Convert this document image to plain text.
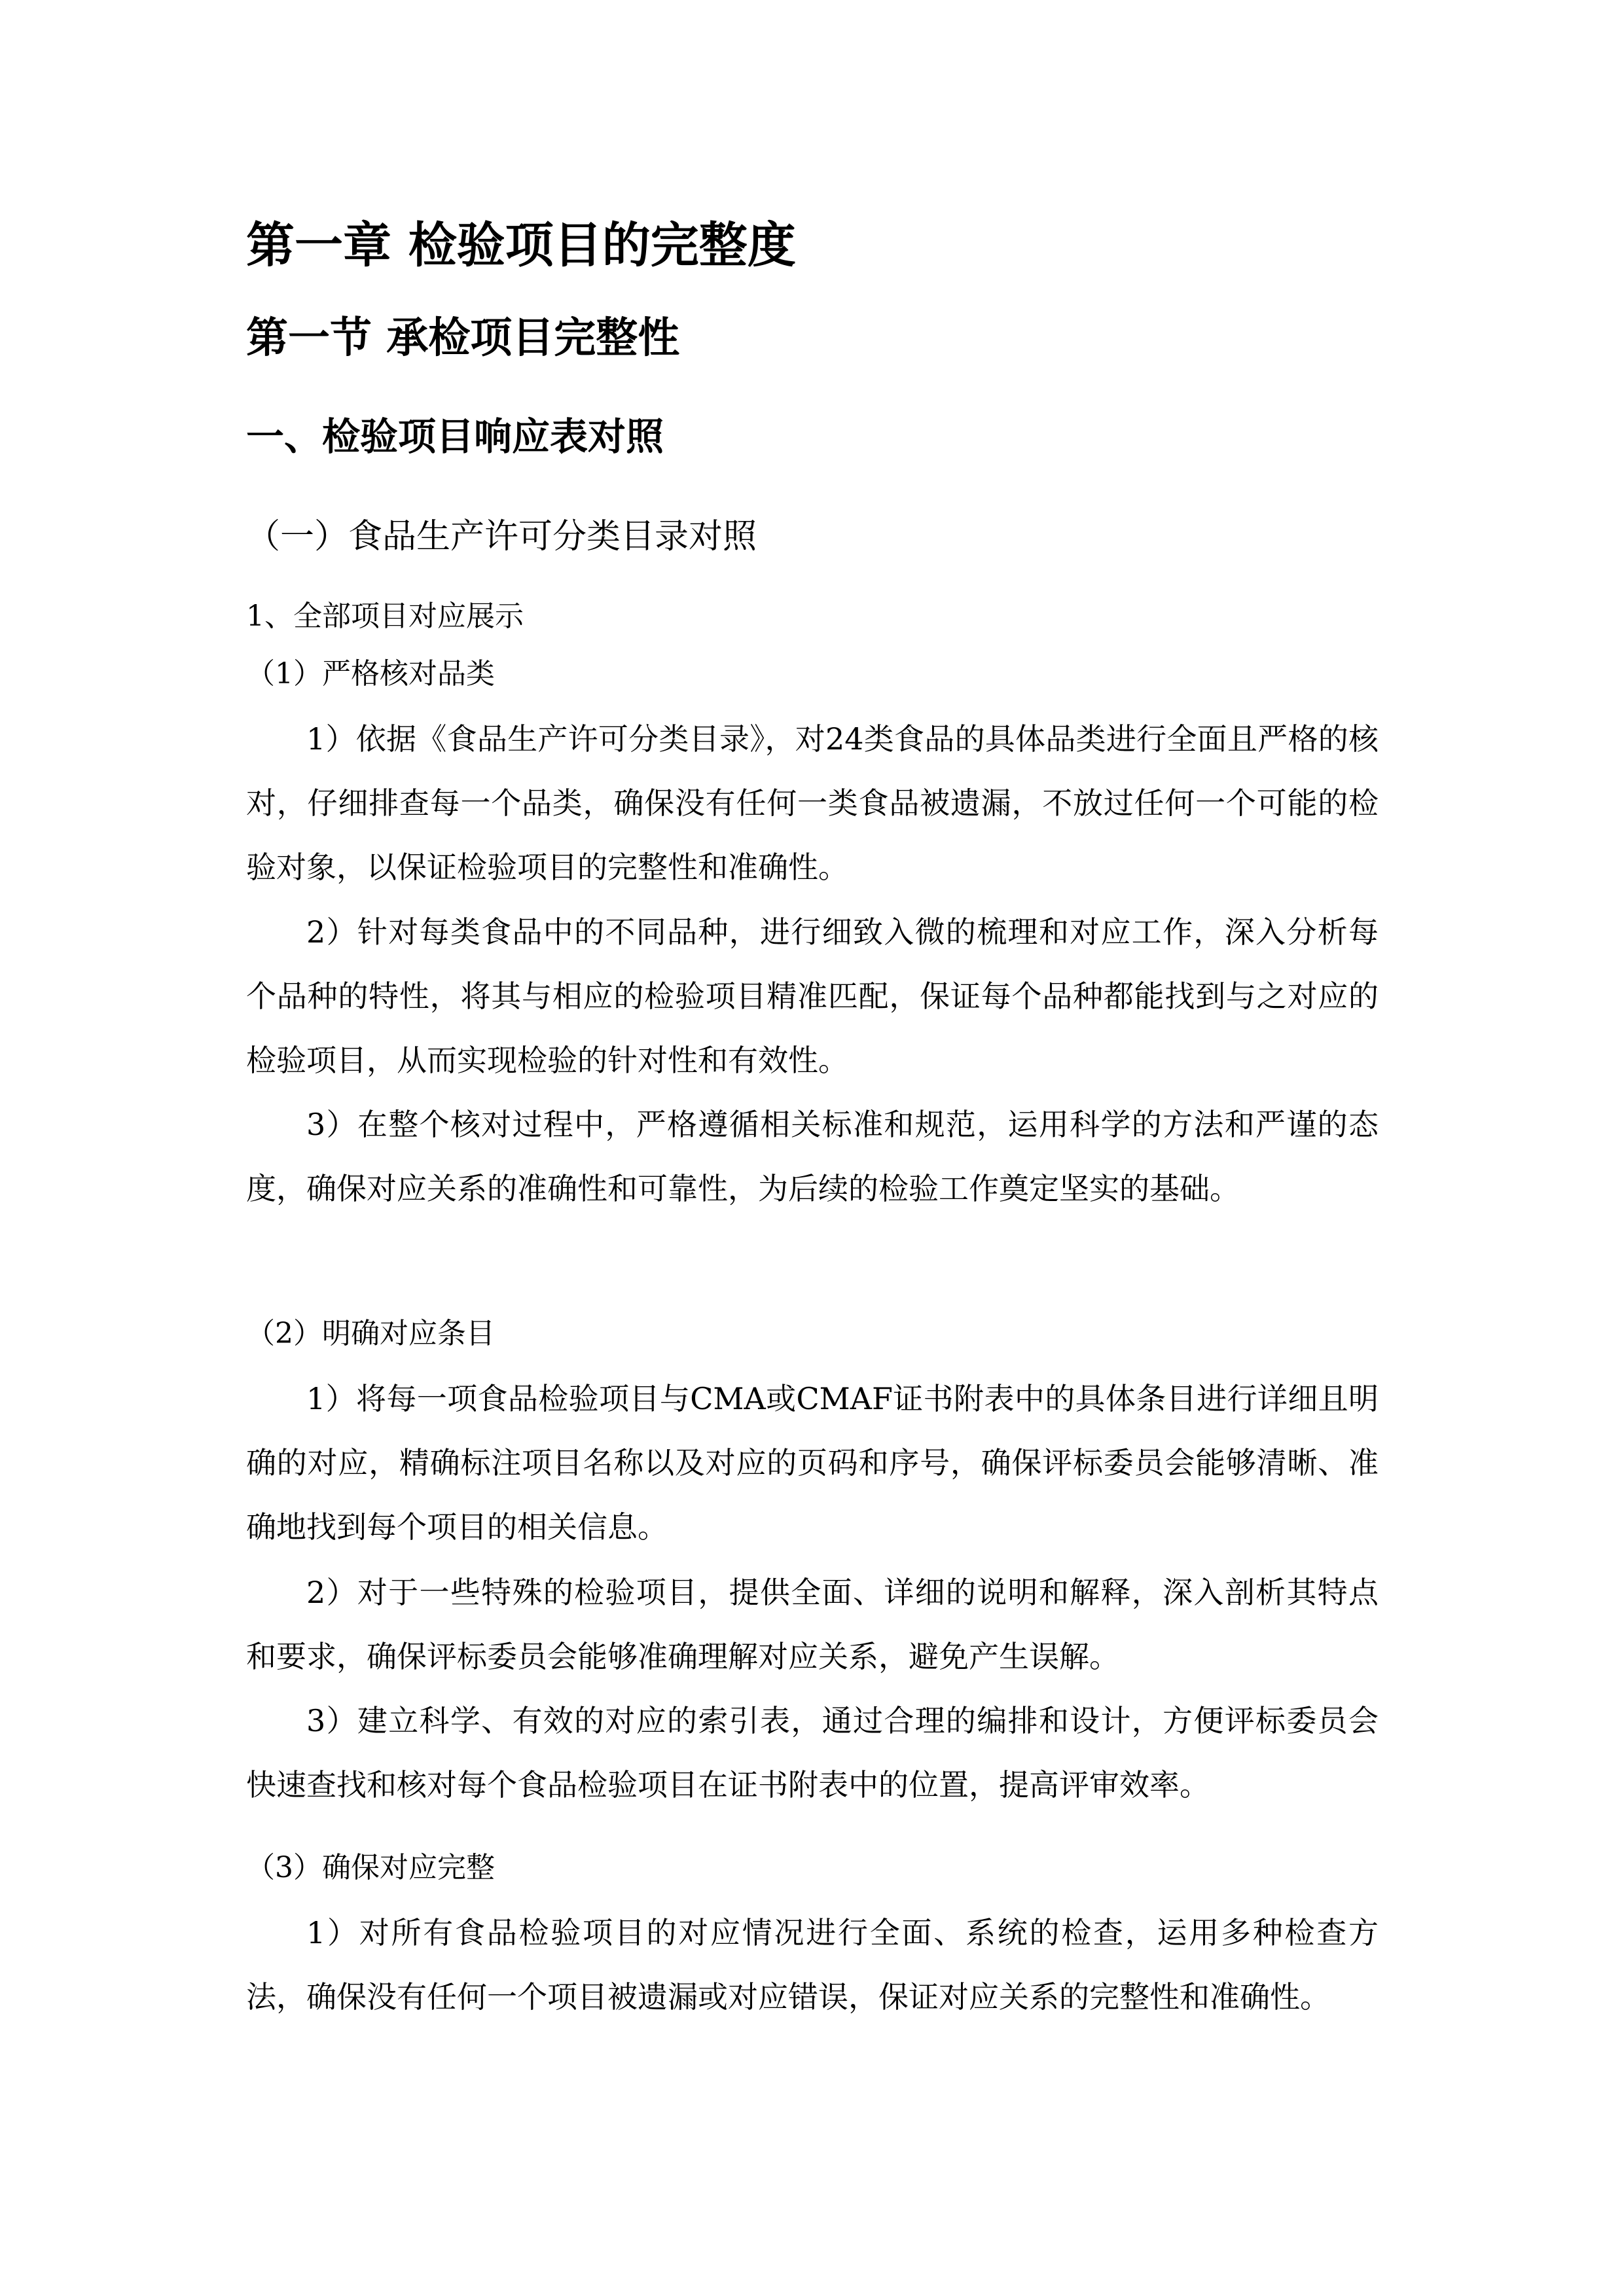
第一章 检验项目的完整度
第一节 承检项目完整性
一、检验项目响应表对照
（一）食品生产许可分类目录对照
1、全部项目对应展示
（1）严格核对品类

1）依据《食品生产许可分类目录》，对24类食品的具体品类进行全面且严格的核对，仔细排查每一个品类，确保没有任何一类食品被遗漏，不放过任何一个可能的检验对象，以保证检验项目的完整性和准确性。

2）针对每类食品中的不同品种，进行细致入微的梳理和对应工作，深入分析每个品种的特性，将其与相应的检验项目精准匹配，保证每个品种都能找到与之对应的检验项目，从而实现检验的针对性和有效性。

3）在整个核对过程中，严格遵循相关标准和规范，运用科学的方法和严谨的态度，确保对应关系的准确性和可靠性，为后续的检验工作奠定坚实的基础。

（2）明确对应条目

1）将每一项食品检验项目与CMA或CMAF证书附表中的具体条目进行详细且明确的对应，精确标注项目名称以及对应的页码和序号，确保评标委员会能够清晰、准确地找到每个项目的相关信息。

2）对于一些特殊的检验项目，提供全面、详细的说明和解释，深入剖析其特点和要求，确保评标委员会能够准确理解对应关系，避免产生误解。

3）建立科学、有效的对应的索引表，通过合理的编排和设计，方便评标委员会快速查找和核对每个食品检验项目在证书附表中的位置，提高评审效率。

（3）确保对应完整

1）对所有食品检验项目的对应情况进行全面、系统的检查，运用多种检查方法，确保没有任何一个项目被遗漏或对应错误，保证对应关系的完整性和准确性。
